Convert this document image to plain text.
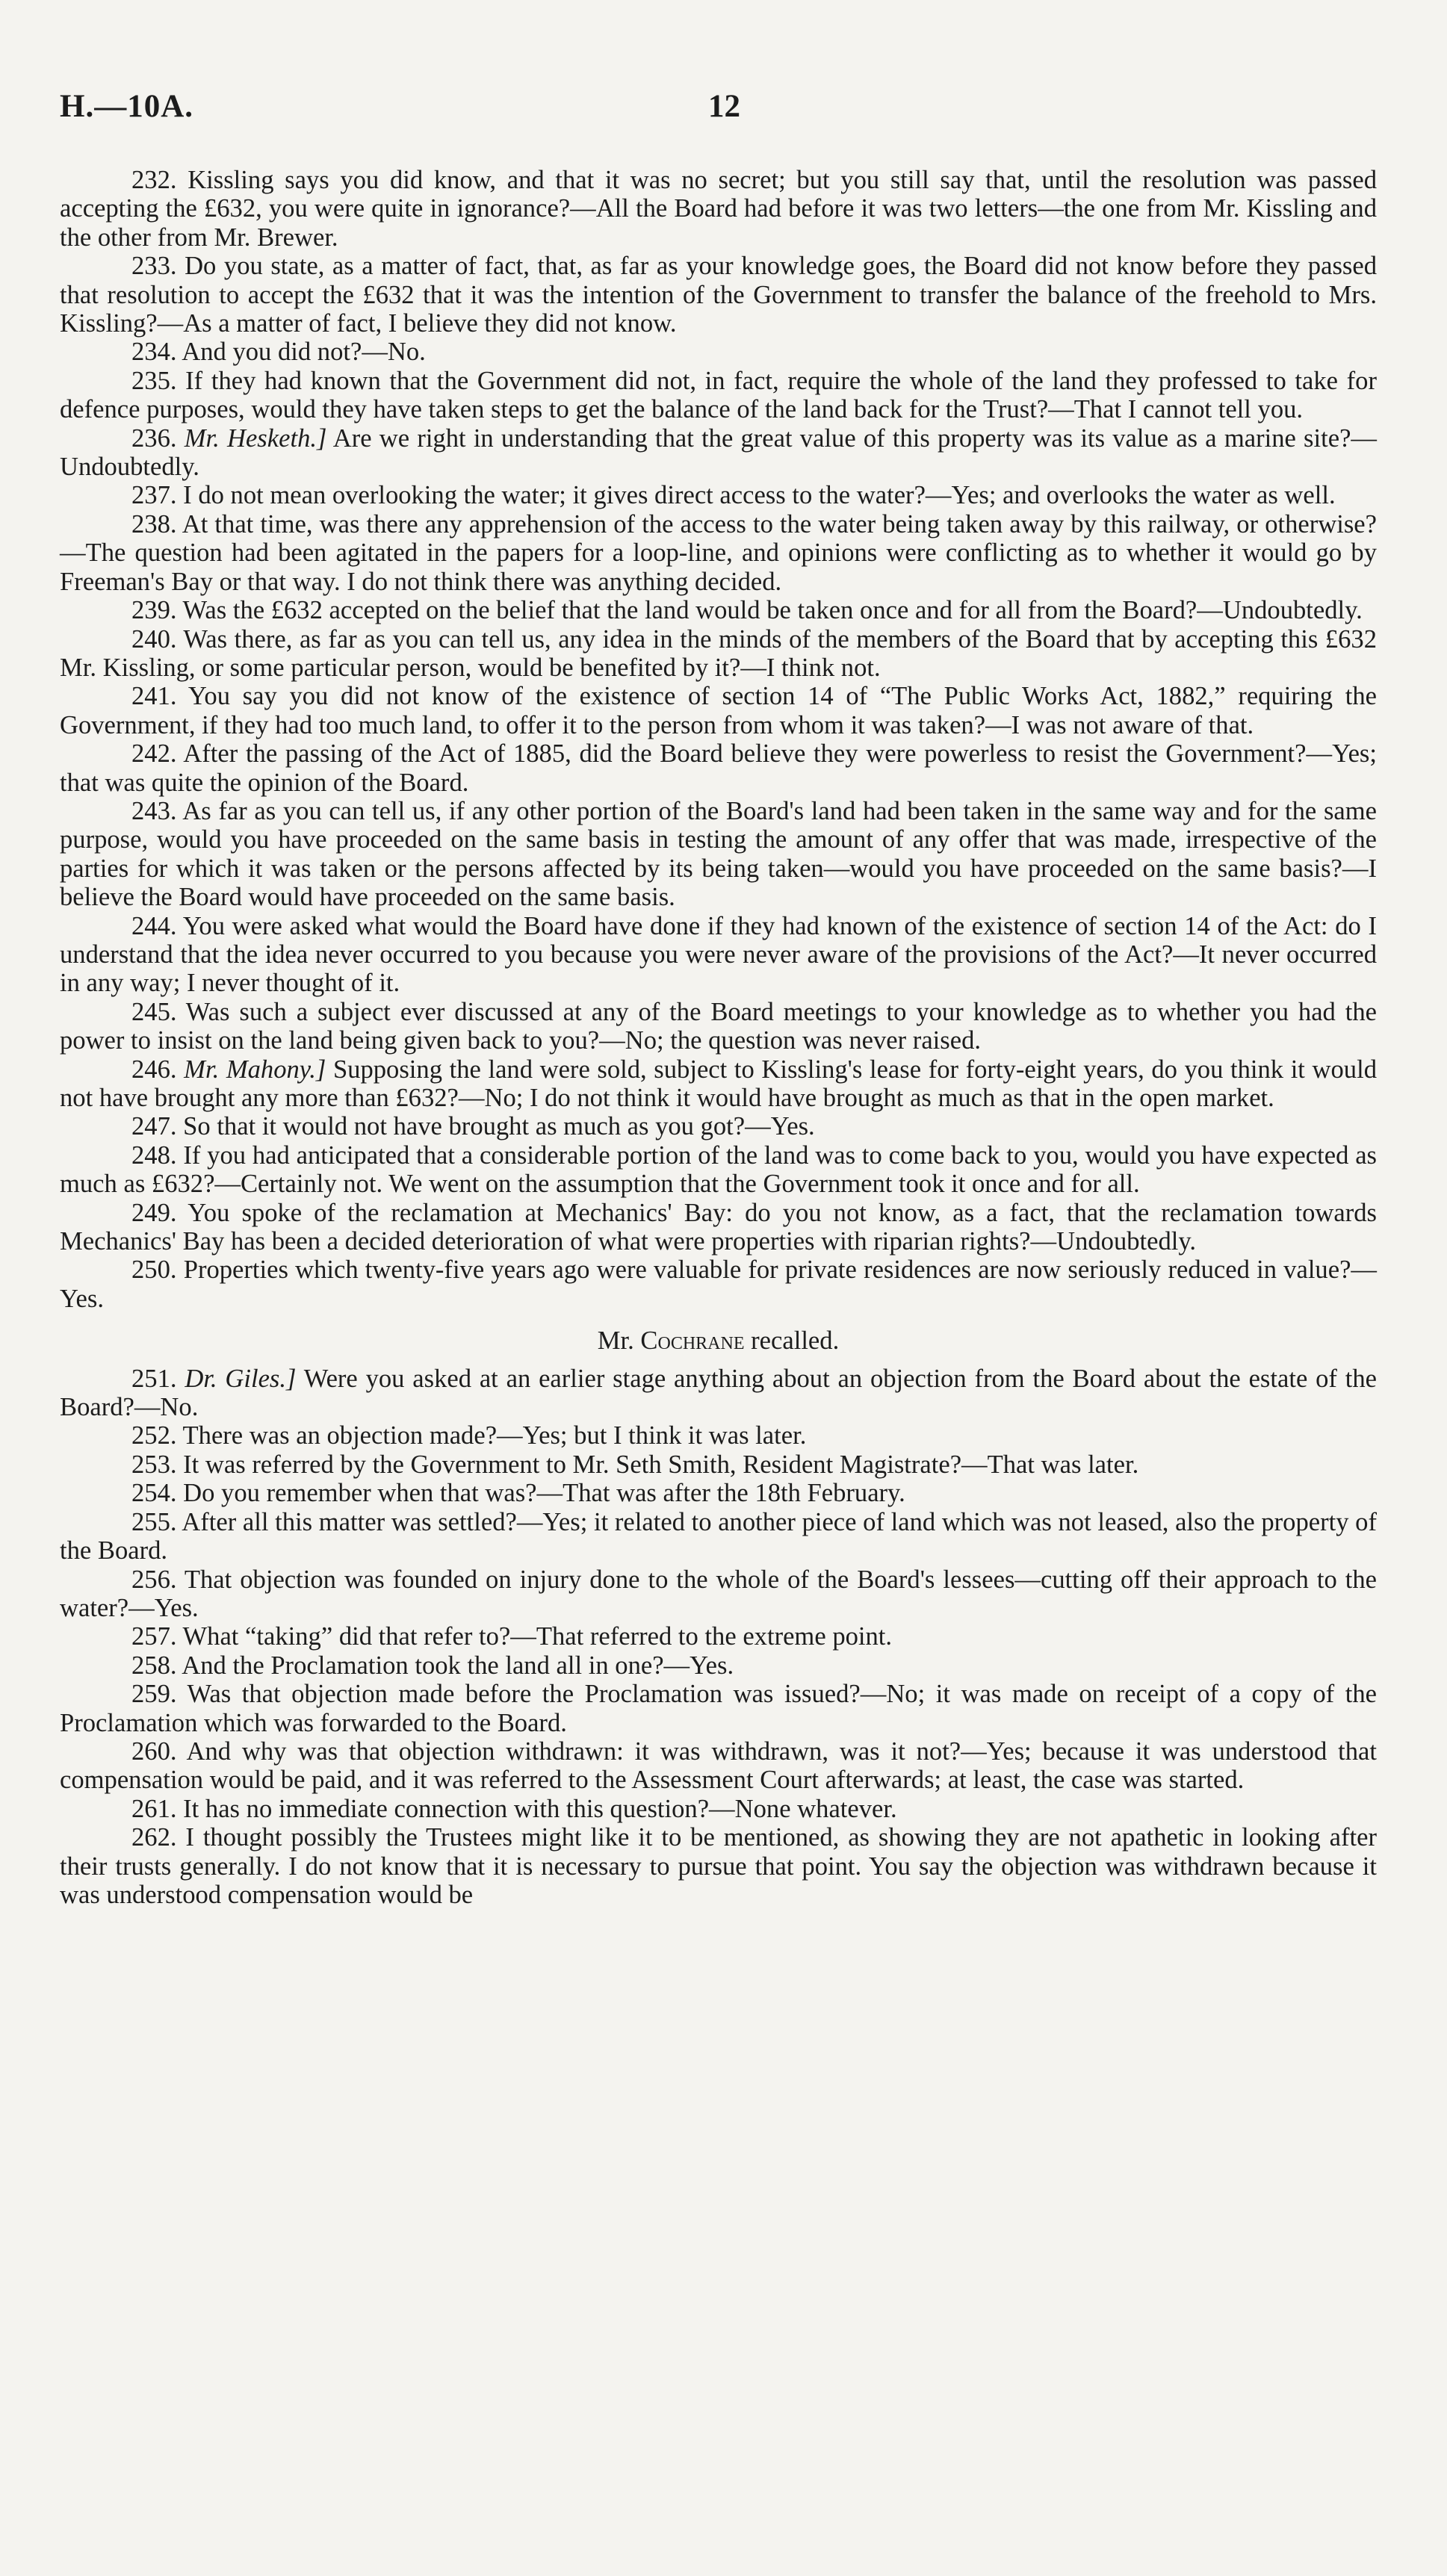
H.—10A.	12

232. Kissling says you did know, and that it was no secret; but you still say that, until the resolution was passed accepting the £632, you were quite in ignorance?—All the Board had before it was two letters—the one from Mr. Kissling and the other from Mr. Brewer.

233. Do you state, as a matter of fact, that, as far as your knowledge goes, the Board did not know before they passed that resolution to accept the £632 that it was the intention of the Government to transfer the balance of the freehold to Mrs. Kissling?—As a matter of fact, I believe they did not know.

234. And you did not?—No.

235. If they had known that the Government did not, in fact, require the whole of the land they professed to take for defence purposes, would they have taken steps to get the balance of the land back for the Trust?—That I cannot tell you.

236. Mr. Hesketh.] Are we right in understanding that the great value of this property was its value as a marine site?—Undoubtedly.

237. I do not mean overlooking the water; it gives direct access to the water?—Yes; and overlooks the water as well.

238. At that time, was there any apprehension of the access to the water being taken away by this railway, or otherwise?—The question had been agitated in the papers for a loop-line, and opinions were conflicting as to whether it would go by Freeman's Bay or that way. I do not think there was anything decided.

239. Was the £632 accepted on the belief that the land would be taken once and for all from the Board?—Undoubtedly.

240. Was there, as far as you can tell us, any idea in the minds of the members of the Board that by accepting this £632 Mr. Kissling, or some particular person, would be benefited by it?—I think not.

241. You say you did not know of the existence of section 14 of “The Public Works Act, 1882,” requiring the Government, if they had too much land, to offer it to the person from whom it was taken?—I was not aware of that.

242. After the passing of the Act of 1885, did the Board believe they were powerless to resist the Government?—Yes; that was quite the opinion of the Board.

243. As far as you can tell us, if any other portion of the Board's land had been taken in the same way and for the same purpose, would you have proceeded on the same basis in testing the amount of any offer that was made, irrespective of the parties for which it was taken or the persons affected by its being taken—would you have proceeded on the same basis?—I believe the Board would have proceeded on the same basis.

244. You were asked what would the Board have done if they had known of the existence of section 14 of the Act: do I understand that the idea never occurred to you because you were never aware of the provisions of the Act?—It never occurred in any way; I never thought of it.

245. Was such a subject ever discussed at any of the Board meetings to your knowledge as to whether you had the power to insist on the land being given back to you?—No; the question was never raised.

246. Mr. Mahony.] Supposing the land were sold, subject to Kissling's lease for forty-eight years, do you think it would not have brought any more than £632?—No; I do not think it would have brought as much as that in the open market.

247. So that it would not have brought as much as you got?—Yes.

248. If you had anticipated that a considerable portion of the land was to come back to you, would you have expected as much as £632?—Certainly not. We went on the assumption that the Government took it once and for all.

249. You spoke of the reclamation at Mechanics' Bay: do you not know, as a fact, that the reclamation towards Mechanics' Bay has been a decided deterioration of what were properties with riparian rights?—Undoubtedly.

250. Properties which twenty-five years ago were valuable for private residences are now seriously reduced in value?—Yes.

Mr. Cochrane recalled.

251. Dr. Giles.] Were you asked at an earlier stage anything about an objection from the Board about the estate of the Board?—No.

252. There was an objection made?—Yes; but I think it was later.

253. It was referred by the Government to Mr. Seth Smith, Resident Magistrate?—That was later.

254. Do you remember when that was?—That was after the 18th February.

255. After all this matter was settled?—Yes; it related to another piece of land which was not leased, also the property of the Board.

256. That objection was founded on injury done to the whole of the Board's lessees—cutting off their approach to the water?—Yes.

257. What “taking” did that refer to?—That referred to the extreme point.

258. And the Proclamation took the land all in one?—Yes.

259. Was that objection made before the Proclamation was issued?—No; it was made on receipt of a copy of the Proclamation which was forwarded to the Board.

260. And why was that objection withdrawn: it was withdrawn, was it not?—Yes; because it was understood that compensation would be paid, and it was referred to the Assessment Court afterwards; at least, the case was started.

261. It has no immediate connection with this question?—None whatever.

262. I thought possibly the Trustees might like it to be mentioned, as showing they are not apathetic in looking after their trusts generally. I do not know that it is necessary to pursue that point. You say the objection was withdrawn because it was understood compensation would be
